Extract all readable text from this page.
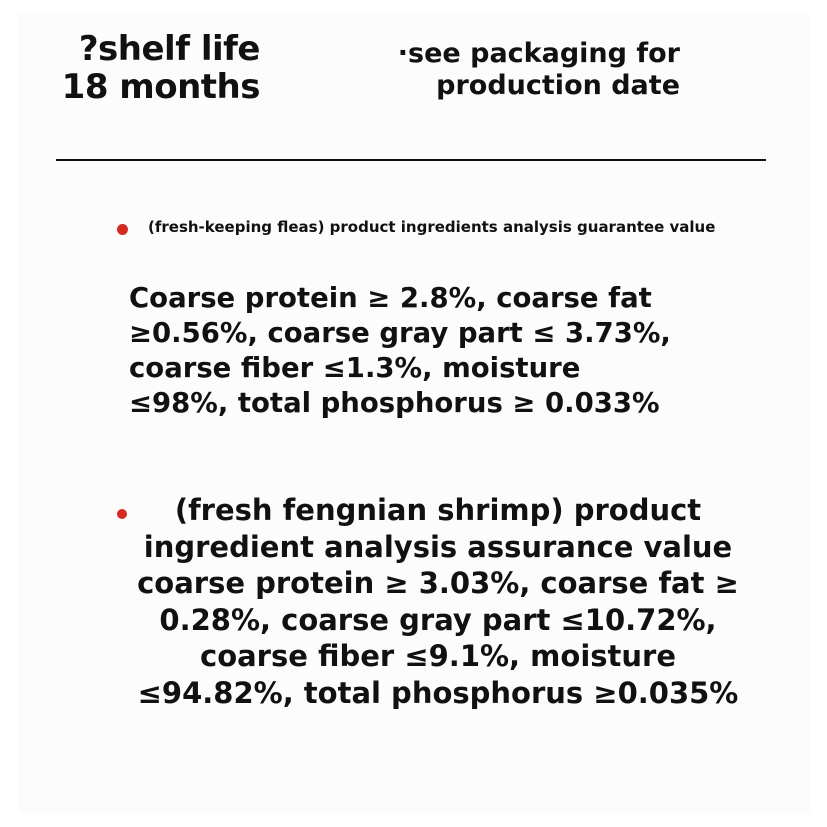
?shelf life
18 months
·see packaging for
production date
(fresh-keeping fleas) product ingredients analysis guarantee value
Coarse protein ≥ 2.8%, coarse fat
≥0.56%, coarse gray part ≤ 3.73%,
coarse fiber ≤1.3%, moisture
≤98%, total phosphorus ≥ 0.033%
(fresh fengnian shrimp) product
ingredient analysis assurance value
coarse protein ≥ 3.03%, coarse fat ≥
0.28%, coarse gray part ≤10.72%,
coarse fiber ≤9.1%, moisture
≤94.82%, total phosphorus ≥0.035%
